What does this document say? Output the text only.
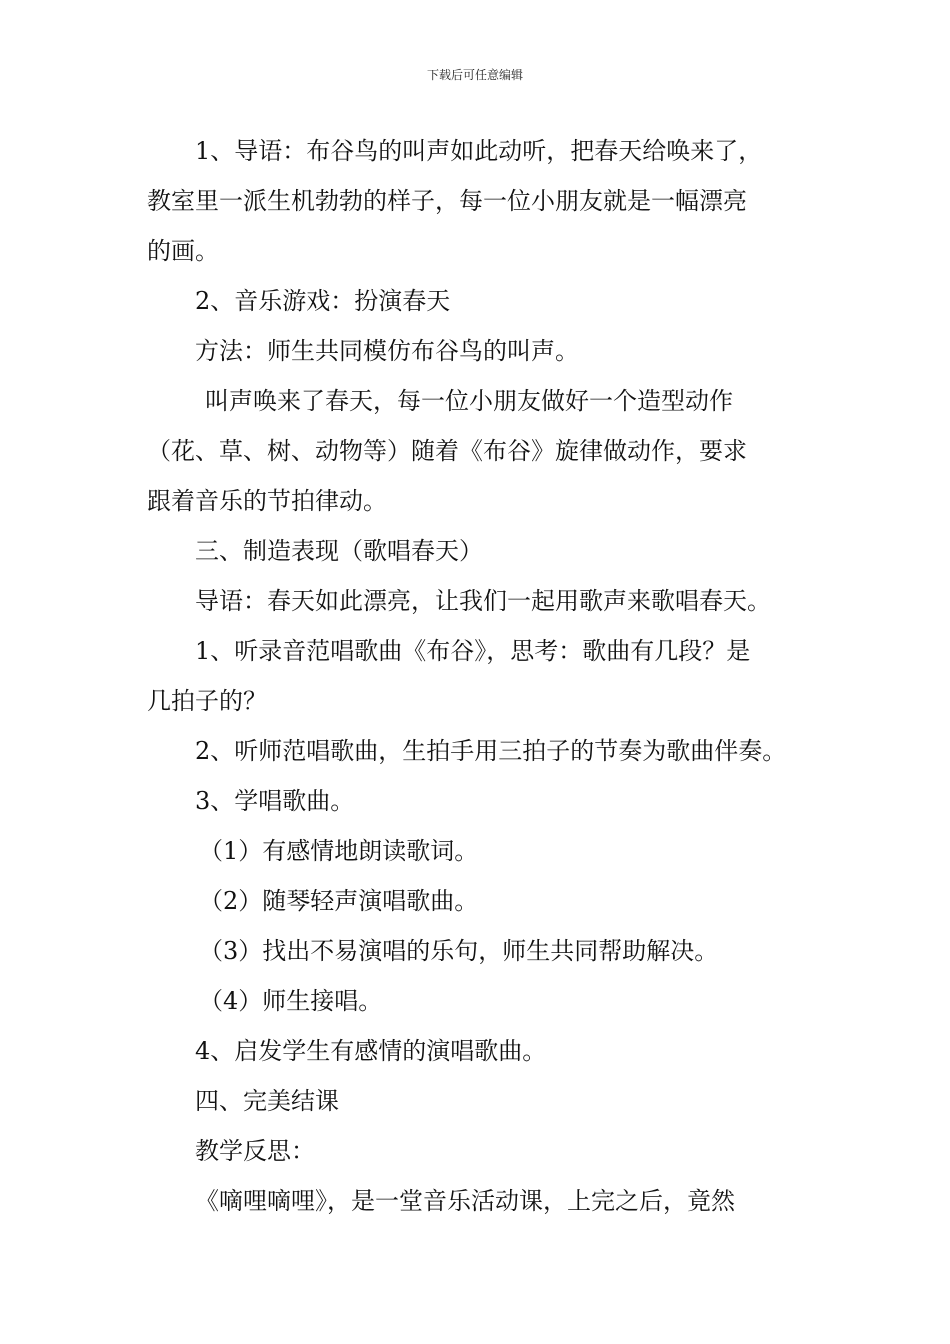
下载后可任意编辑

1、导语：布谷鸟的叫声如此动听，把春天给唤来了，

教室里一派生机勃勃的样子，每一位小朋友就是一幅漂亮

的画。

2、音乐游戏：扮演春天

方法：师生共同模仿布谷鸟的叫声。

叫声唤来了春天，每一位小朋友做好一个造型动作

（花、草、树、动物等）随着《布谷》旋律做动作，要求

跟着音乐的节拍律动。

三、制造表现（歌唱春天）

导语：春天如此漂亮，让我们一起用歌声来歌唱春天。

1、听录音范唱歌曲《布谷》，思考：歌曲有几段？是

几拍子的？

2、听师范唱歌曲，生拍手用三拍子的节奏为歌曲伴奏。

3、学唱歌曲。

（1）有感情地朗读歌词。

（2）随琴轻声演唱歌曲。

（3）找出不易演唱的乐句，师生共同帮助解决。

（4）师生接唱。

4、启发学生有感情的演唱歌曲。

四、完美结课

教学反思：

《嘀哩嘀哩》，是一堂音乐活动课，上完之后，竟然
